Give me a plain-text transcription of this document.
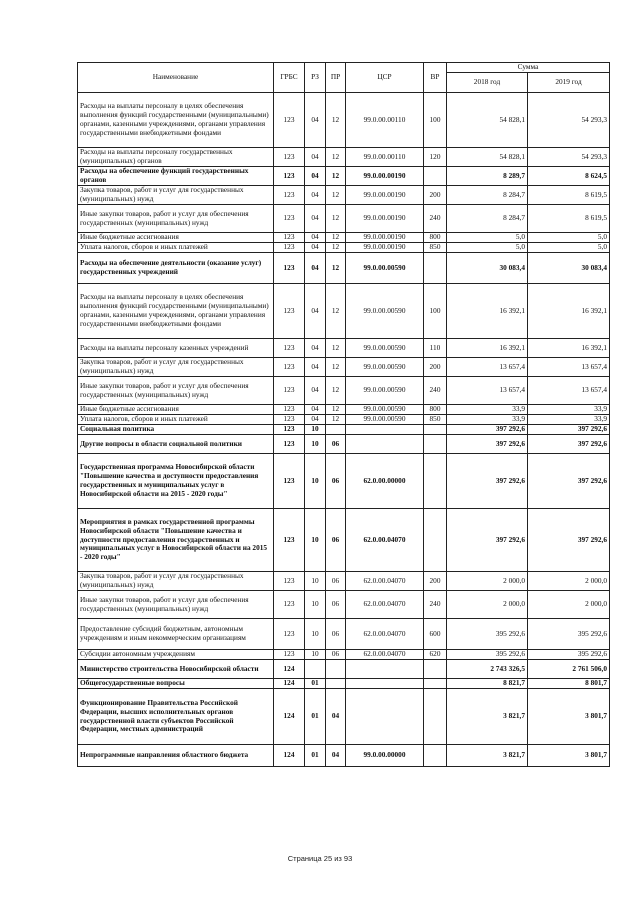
Наименование	ГРБС	РЗ	ПР	ЦСР	ВР	Сумма	
						2018 год	2019 год
Расходы на выплаты персоналу в целях обеспечения выполнения функций государственными (муниципальными) органами, казенными учреждениями, органами управления государственными внебюджетными фондами	123	04	12	99.0.00.00110	100	54 828,1	54 293,3
Расходы на выплаты персоналу государственных (муниципальных) органов	123	04	12	99.0.00.00110	120	54 828,1	54 293,3
Расходы на обеспечение функций государственных органов	123	04	12	99.0.00.00190		8 289,7	8 624,5
Закупка товаров, работ и услуг для государственных (муниципальных) нужд	123	04	12	99.0.00.00190	200	8 284,7	8 619,5
Иные закупки товаров, работ и услуг для обеспечения государственных (муниципальных) нужд	123	04	12	99.0.00.00190	240	8 284,7	8 619,5
Иные бюджетные ассигнования	123	04	12	99.0.00.00190	800	5,0	5,0
Уплата налогов, сборов и иных платежей	123	04	12	99.0.00.00190	850	5,0	5,0
Расходы на обеспечение деятельности (оказание услуг) государственных учреждений	123	04	12	99.0.00.00590		30 083,4	30 083,4
Расходы на выплаты персоналу в целях обеспечения выполнения функций государственными (муниципальными) органами, казенными учреждениями, органами управления государственными внебюджетными фондами	123	04	12	99.0.00.00590	100	16 392,1	16 392,1
Расходы на выплаты персоналу казенных учреждений	123	04	12	99.0.00.00590	110	16 392,1	16 392,1
Закупка товаров, работ и услуг для государственных (муниципальных) нужд	123	04	12	99.0.00.00590	200	13 657,4	13 657,4
Иные закупки товаров, работ и услуг для обеспечения государственных (муниципальных) нужд	123	04	12	99.0.00.00590	240	13 657,4	13 657,4
Иные бюджетные ассигнования	123	04	12	99.0.00.00590	800	33,9	33,9
Уплата налогов, сборов и иных платежей	123	04	12	99.0.00.00590	850	33,9	33,9
Социальная политика	123	10				397 292,6	397 292,6
Другие вопросы в области социальной политики	123	10	06			397 292,6	397 292,6
Государственная программа Новосибирской области "Повышение качества и доступности предоставления государственных и муниципальных услуг в Новосибирской области на 2015 - 2020 годы"	123	10	06	62.0.00.00000		397 292,6	397 292,6
Мероприятия в рамках государственной программы Новосибирской области "Повышение качества и доступности предоставления государственных и муниципальных услуг в Новосибирской области на 2015 - 2020 годы"	123	10	06	62.0.00.04070		397 292,6	397 292,6
Закупка товаров, работ и услуг для государственных (муниципальных) нужд	123	10	06	62.0.00.04070	200	2 000,0	2 000,0
Иные закупки товаров, работ и услуг для обеспечения государственных (муниципальных) нужд	123	10	06	62.0.00.04070	240	2 000,0	2 000,0
Предоставление субсидий бюджетным, автономным учреждениям и иным некоммерческим организациям	123	10	06	62.0.00.04070	600	395 292,6	395 292,6
Субсидии автономным учреждениям	123	10	06	62.0.00.04070	620	395 292,6	395 292,6
Министерство строительства Новосибирской области	124					2 743 326,5	2 761 506,0
Общегосударственные вопросы	124	01				8 821,7	8 801,7
Функционирование Правительства Российской Федерации, высших исполнительных органов государственной власти субъектов Российской Федерации, местных администраций	124	01	04			3 821,7	3 801,7
Непрограммные направления областного бюджета	124	01	04	99.0.00.00000		3 821,7	3 801,7
Страница 25 из 93
